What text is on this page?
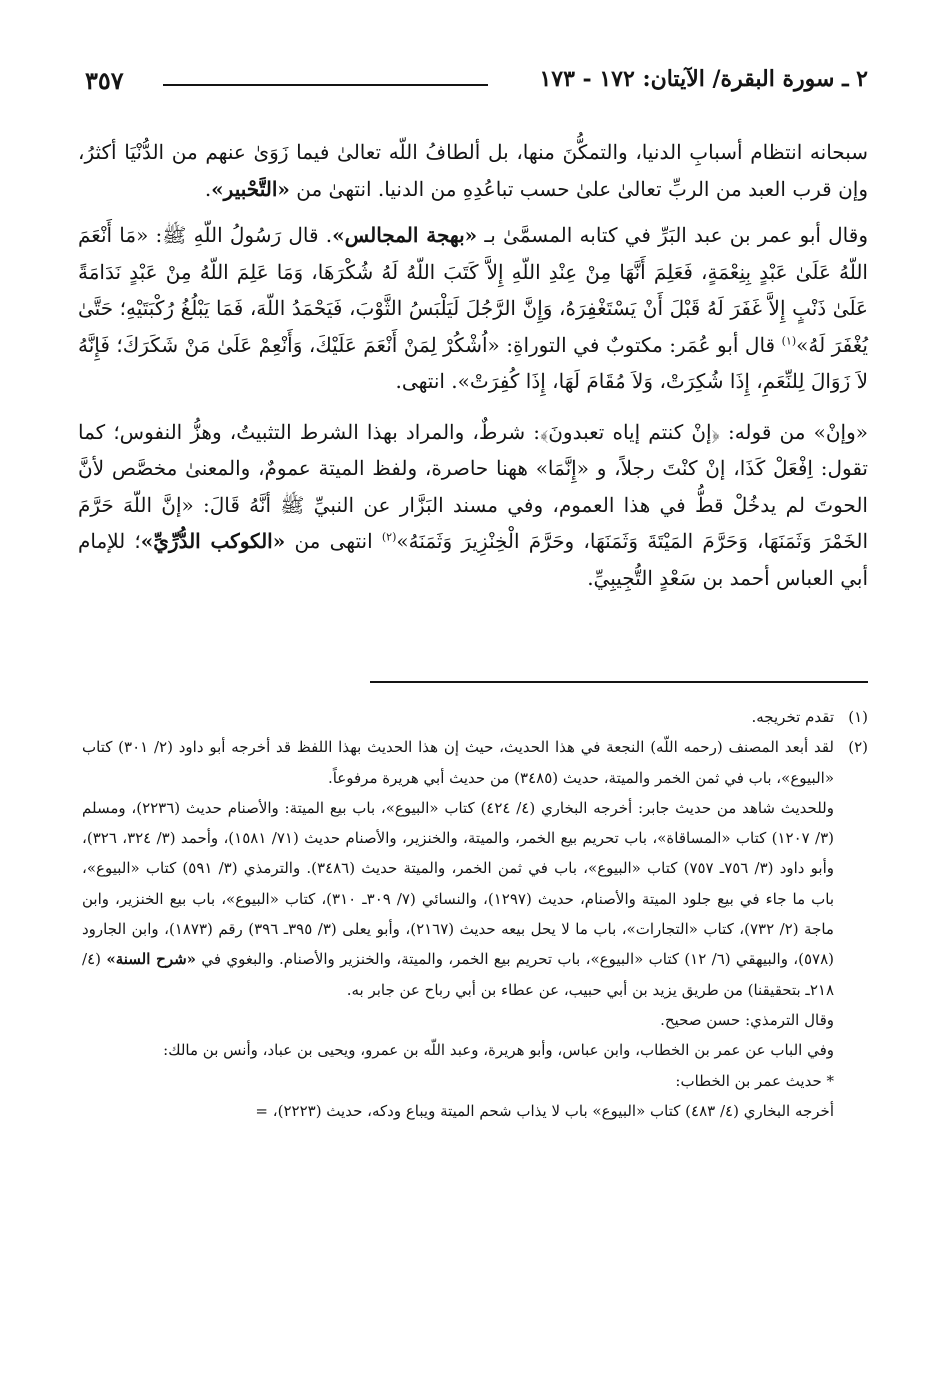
٣٥٧	٢ ـ سورة البقرة/ الآيتان: ١٧٢ - ١٧٣

سبحانه انتظام أسبابِ الدنيا، والتمكُّنَ منها، بل ألطافُ اللّه تعالىٰ فيما زَوَىٰ عنهم من الدُّنْيَا أكثرُ، وإن قرب العبد من الربِّ تعالىٰ علىٰ حسب تباعُدِهِ من الدنيا. انتهىٰ من «التَّحْبير».

وقال أبو عمر بن عبد البَرِّ في كتابه المسمَّىٰ بـ «بهجة المجالس». قال رَسُولُ اللّهِ ﷺ: «مَا أَنْعَمَ اللّهُ عَلَىٰ عَبْدٍ بِنِعْمَةٍ، فَعَلِمَ أَنَّهَا مِنْ عِنْدِ اللّهِ إِلاَّ كَتَبَ اللّهُ لَهُ شُكْرَهَا، وَمَا عَلِمَ اللّهُ مِنْ عَبْدٍ نَدَامَةً عَلَىٰ ذَنْبٍ إِلاَّ غَفَرَ لَهُ قَبْلَ أَنْ يَسْتَغْفِرَهُ، وَإِنَّ الرَّجُلَ لَيَلْبَسُ الثَّوْبَ، فَيَحْمَدُ اللّهَ، فَمَا يَبْلُغُ رُكْبَتَيْهِ؛ حَتَّىٰ يُغْفَرَ لَهُ»$^{(١)}$ قال أبو عُمَر: مكتوبٌ في التوراةِ: «اُشْكُرْ لِمَنْ أَنْعَمَ عَلَيْكَ، وَأَنْعِمْ عَلَىٰ مَنْ شَكَرَكَ؛ فَإِنَّهُ لاَ زَوَالَ لِلنِّعَمِ، إِذَا شُكِرَتْ، وَلاَ مُقَامَ لَهَا، إِذَا كُفِرَتْ». انتهى.

«وإنْ» من قوله: ﴿إنْ كنتم إياه تعبدونَ﴾: شرطٌ، والمراد بهذا الشرط التثبيتُ، وهزُّ النفوس؛ كما تقول: اِفْعَلْ كَذَا، إنْ كنْتَ رجلاً، و «إِنَّمَا» ههنا حاصرة، ولفظ الميتة عمومٌ، والمعنىٰ مخصَّص لأنَّ الحوتَ لم يدخُلْ قطُّ في هذا العموم، وفي مسند البَزَّار عن النبيِّ ﷺ أنَّهُ قَالَ: «إنَّ اللّهَ حَرَّمَ الخَمْرَ وَثَمَنَهَا، وَحَرَّمَ المَيْتَةَ وَثَمَنَهَا، وحَرَّمَ الْخِنْزِيرَ وَثَمَنَهُ»$^{(٢)}$ انتهى من «الكوكب الدُّرِّيِّ»؛ للإمام أبي العباس أحمد بن سَعْدٍ التُّجِيبِيِّ.

(١)

تقدم تخريجه.

(٢)

لقد أبعد المصنف (رحمه اللّه) النجعة في هذا الحديث، حيث إن هذا الحديث بهذا اللفظ قد أخرجه أبو داود (٢/ ٣٠١) كتاب «البيوع»، باب في ثمن الخمر والميتة، حديث (٣٤٨٥) من حديث أبي هريرة مرفوعاً.

وللحديث شاهد من حديث جابر: أخرجه البخاري (٤/ ٤٢٤) كتاب «البيوع»، باب بيع الميتة: والأصنام حديث (٢٢٣٦)، ومسلم (٣/ ١٢٠٧) كتاب «المساقاة»، باب تحريم بيع الخمر، والميتة، والخنزير، والأصنام حديث (٧١/ ١٥٨١)، وأحمد (٣/ ٣٢٤، ٣٢٦)، وأبو داود (٣/ ٧٥٦ـ ٧٥٧) كتاب «البيوع»، باب في ثمن الخمر، والميتة حديث (٣٤٨٦). والترمذي (٣/ ٥٩١) كتاب «البيوع»، باب ما جاء في بيع جلود الميتة والأصنام، حديث (١٢٩٧)، والنسائي (٧/ ٣٠٩ـ ٣١٠)، كتاب «البيوع»، باب بيع الخنزير، وابن ماجة (٢/ ٧٣٢)، كتاب «التجارات»، باب ما لا يحل بيعه حديث (٢١٦٧)، وأبو يعلى (٣/ ٣٩٥ـ ٣٩٦) رقم (١٨٧٣)، وابن الجارود (٥٧٨)، والبيهقي (٦/ ١٢) كتاب «البيوع»، باب تحريم بيع الخمر، والميتة، والخنزير والأصنام. والبغوي في «شرح السنة» (٤/ ٢١٨ـ بتحقيقنا) من طريق يزيد بن أبي حبيب، عن عطاء بن أبي رباح عن جابر به.

وقال الترمذي: حسن صحيح.

وفي الباب عن عمر بن الخطاب، وابن عباس، وأبو هريرة، وعبد اللّه بن عمرو، ويحيى بن عباد، وأنس بن مالك:

* حديث عمر بن الخطاب:

أخرجه البخاري (٤/ ٤٨٣) كتاب «البيوع» باب لا يذاب شحم الميتة ويباع ودكه، حديث (٢٢٢٣)، =
